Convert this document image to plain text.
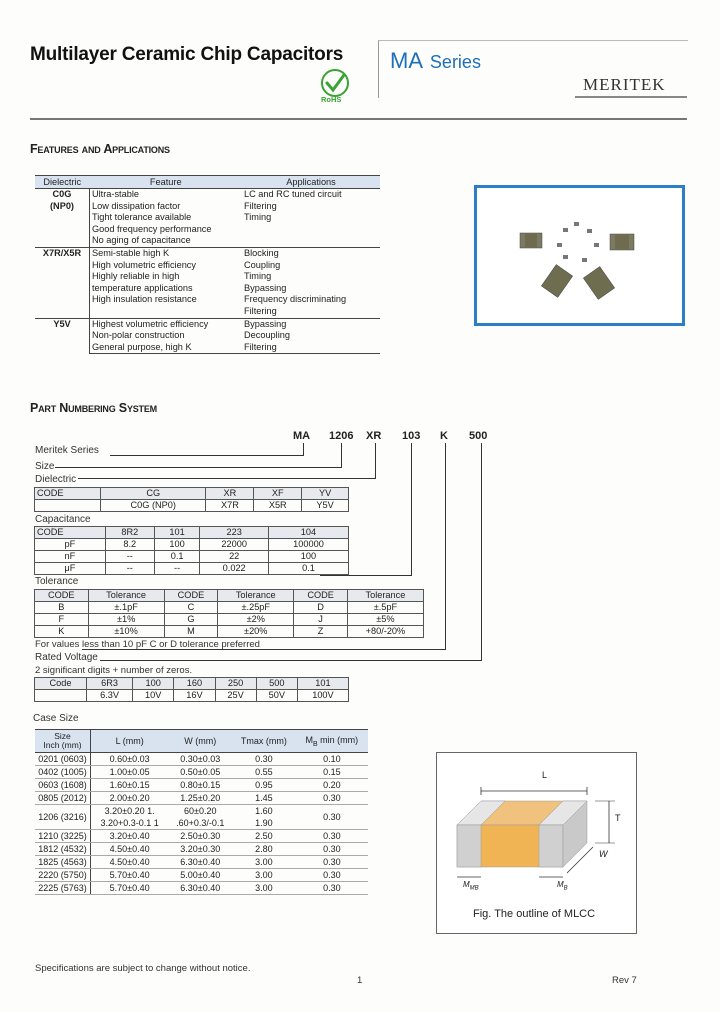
Multilayer Ceramic Chip Capacitors MA Series
MERITEK
RoHS
Features and Applications
Dielectric	Feature	Applications
C0G
(NP0)	Ultra-stable	LC and RC tuned circuit
	Low dissipation factor	Filtering
	Tight tolerance available	Timing
	Good frequency performance	
	No aging of capacitance	
X7R/X5R	Semi-stable high K	Blocking
	High volumetric efficiency	Coupling
	Highly reliable in high	Timing
	temperature applications	Bypassing
	High insulation resistance	Frequency discriminating
		Filtering
Y5V	Highest volumetric efficiency	Bypassing
	Non-polar construction	Decoupling
	General purpose, high K	Filtering
Part Numbering System
MA 1206 XR 103 K 500
Meritek Series
Size
Dielectric
CODE	CG	XR	XF	YV
	C0G (NP0)	X7R	X5R	Y5V
Capacitance
CODE	8R2	101	223	104
pF	8.2	100	22000	100000
nF	--	0.1	22	100
μF	--	--	0.022	0.1
Tolerance
CODE	Tolerance	CODE	Tolerance	CODE	Tolerance
B	±.1pF	C	±.25pF	D	±.5pF
F	±1%	G	±2%	J	±5%
K	±10%	M	±20%	Z	+80/-20%
For values less than 10 pF C or D tolerance preferred
Rated Voltage
2 significant digits + number of zeros.
Code	6R3	100	160	250	500	101
	6.3V	10V	16V	25V	50V	100V
Case Size
Size
Inch (mm)	L (mm)	W (mm)	Tmax (mm)	$M_B$ min (mm)
0201 (0603)	0.60±0.03	0.30±0.03	0.30	0.10
0402 (1005)	1.00±0.05	0.50±0.05	0.55	0.15
0603 (1608)	1.60±0.15	0.80±0.15	0.95	0.20
0805 (2012)	2.00±0.20	1.25±0.20	1.45	0.30
1206 (3216)	3.20±0.20 1.	60±0.20	1.60	0.30
	3.20+0.3-0.1 1	.60+0.3/-0.1	1.90	
1210 (3225)	3.20±0.40	2.50±0.30	2.50	0.30
1812 (4532)	4.50±0.40	3.20±0.30	2.80	0.30
1825 (4563)	4.50±0.40	6.30±0.40	3.00	0.30
2220 (5750)	5.70±0.40	5.00±0.40	3.00	0.30
2225 (5763)	5.70±0.40	6.30±0.40	3.00	0.30
L
T
W
$M_{MB}$	$M_B$
Fig. The outline of MLCC
Specifications are subject to change without notice.
1	Rev 7
